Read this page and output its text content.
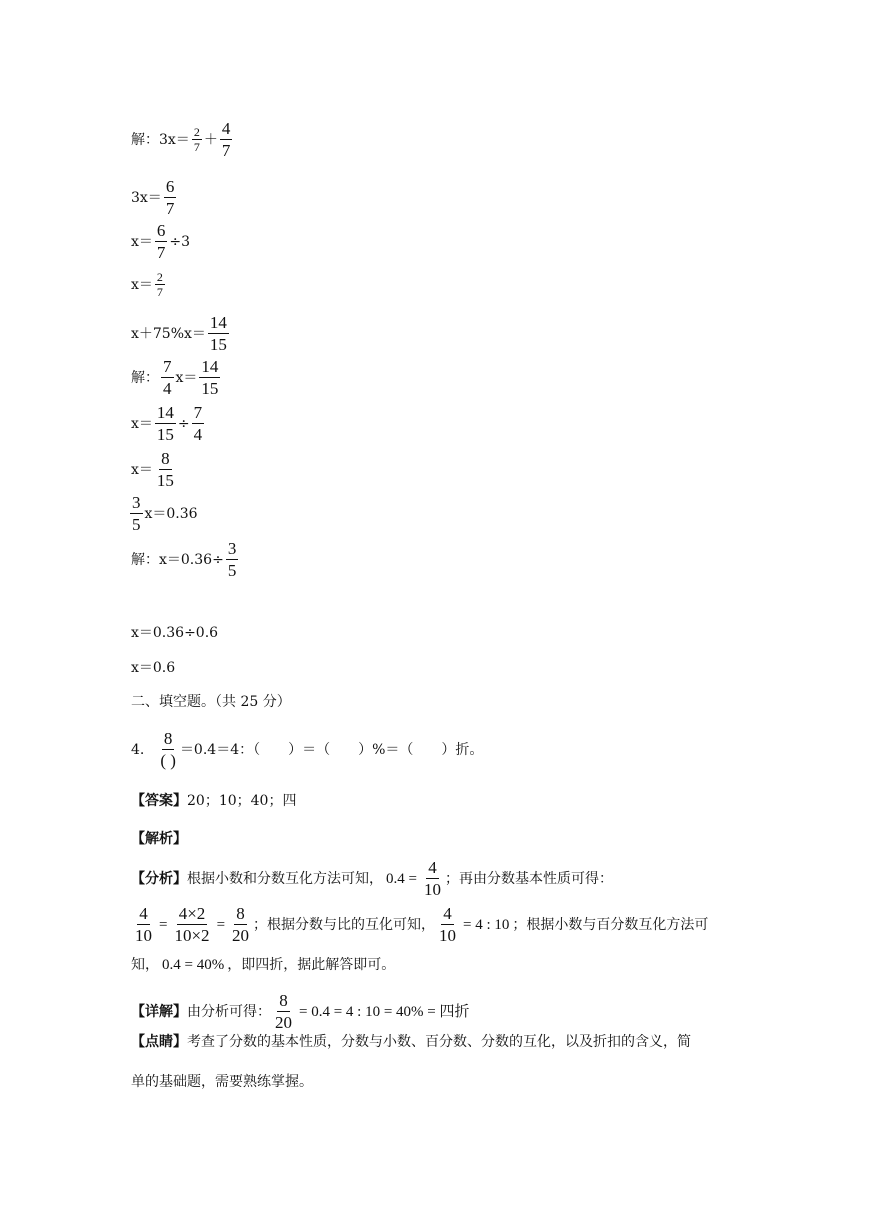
解：3x＝ 2
7 ＋
4
7
3x＝
6
7
$x= \frac{6}{7} \div 3$
x＝ 2
7
x＋75%x＝
14
15
解：
7
4
x＝
14
15
$x= \frac{14}{15} \div \frac{7}{4}$
x＝
8
15
3
5
x＝0.36
解：$x=0.36\div \frac{3}{5}$
x＝0.36÷0.6
x＝0.6
二、填空题。（共 25 分）
4.
8
( )
＝0.4＝4：（　　）＝（　　）%＝（　　）折。
【答案】20；10；40；四
【解析】
【分析】 根据小数和分数互化方法可知， $0.4 = \frac{4}{10}$ ；再由分数基本性质可得：
$\frac{4}{10} = \frac{4\times 2}{10\times 2} = \frac{8}{20}$ ；根据分数与比的互化可知， $\frac{4}{10} = 4$ : 10 ；根据小数与百分数互化方法可
知， 0.4 = 40% ，即四折，据此解答即可。
【详解】 由分析可得： $\frac{8}{20} = 0.4 = 4$ : 10 = 40% = 四折
【点睛】考查了分数的基本性质，分数与小数、百分数、分数的互化，以及折扣的含义，简
单的基础题，需要熟练掌握。
